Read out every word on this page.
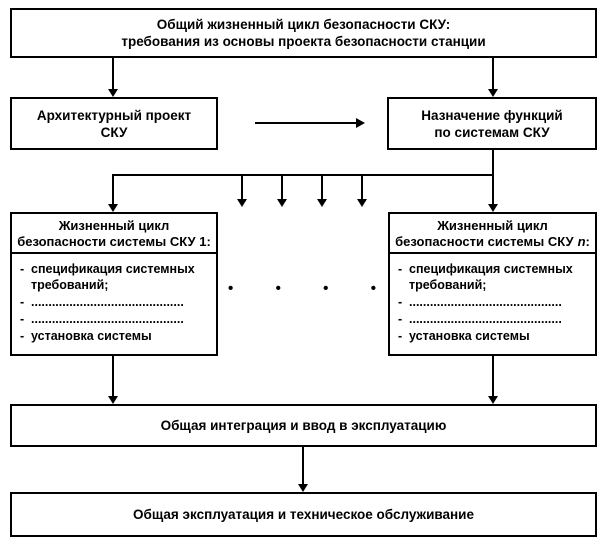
Общий жизненный цикл безопасности СКУ:
требования из основы проекта безопасности станции
Архитектурный проект
СКУ
Назначение функций
по системам СКУ
Жизненный цикл
безопасности системы СКУ 1:
- спецификация системных требований;
- ............................................
- ............................................
- установка системы
•	•	•	•
Жизненный цикл
безопасности системы СКУ n:
- спецификация системных требований;
- ............................................
- ............................................
- установка системы
Общая интеграция и ввод в эксплуатацию
Общая эксплуатация и техническое обслуживание
